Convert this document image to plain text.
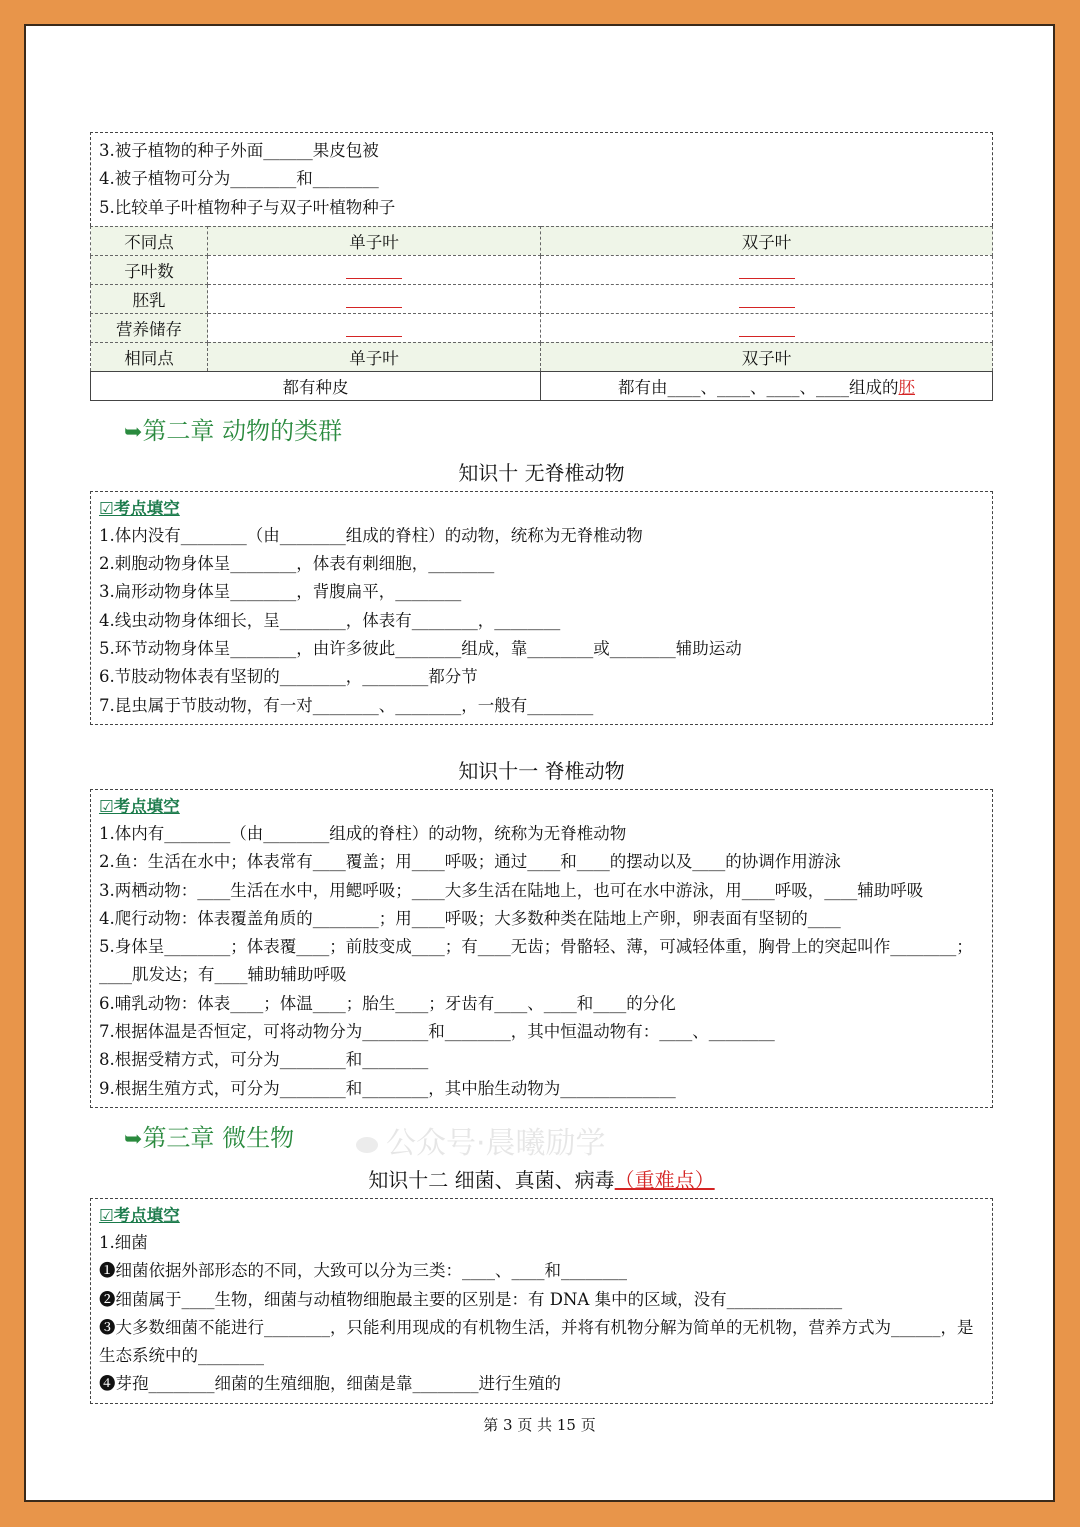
公众号·晨曦励学
3.被子植物的种子外面______果皮包被
4.被子植物可分为________和________
5.比较单子叶植物种子与双子叶植物种子
不同点	单子叶	双子叶
子叶数		
胚乳		
营养储存		
相同点	单子叶	双子叶
都有种皮		都有由____、____、____、____组成的胚
➥第二章 动物的类群
知识十 无脊椎动物
☑考点填空
1.体内没有________（由________组成的脊柱）的动物，统称为无脊椎动物
2.刺胞动物身体呈________，体表有刺细胞，________
3.扁形动物身体呈________，背腹扁平，________
4.线虫动物身体细长，呈________，体表有________，________
5.环节动物身体呈________，由许多彼此________组成，靠________或________辅助运动
6.节肢动物体表有坚韧的________，________都分节
7.昆虫属于节肢动物，有一对________、________，一般有________
知识十一 脊椎动物
☑考点填空
1.体内有________（由________组成的脊柱）的动物，统称为无脊椎动物
2.鱼：生活在水中；体表常有____覆盖；用____呼吸；通过____和____的摆动以及____的协调作用游泳
3.两栖动物：____生活在水中，用鳃呼吸；____大多生活在陆地上，也可在水中游泳，用____呼吸，____辅助呼吸
4.爬行动物：体表覆盖角质的________；用____呼吸；大多数种类在陆地上产卵，卵表面有坚韧的____
5.身体呈________；体表覆____；前肢变成____；有____无齿；骨骼轻、薄，可减轻体重，胸骨上的突起叫作________；____肌发达；有____辅助辅助呼吸
6.哺乳动物：体表____；体温____；胎生____；牙齿有____、____和____的分化
7.根据体温是否恒定，可将动物分为________和________，其中恒温动物有：____、________
8.根据受精方式，可分为________和________
9.根据生殖方式，可分为________和________，其中胎生动物为______________
➥第三章 微生物
知识十二 细菌、真菌、病毒（重难点）
☑考点填空
1.细菌
❶细菌依据外部形态的不同，大致可以分为三类：____、____和________
❷细菌属于____生物，细菌与动植物细胞最主要的区别是：有 DNA 集中的区域，没有______________
❸大多数细菌不能进行________，只能利用现成的有机物生活，并将有机物分解为简单的无机物，营养方式为______，是生态系统中的________
❹芽孢________细菌的生殖细胞，细菌是靠________进行生殖的
第 3 页 共 15 页
